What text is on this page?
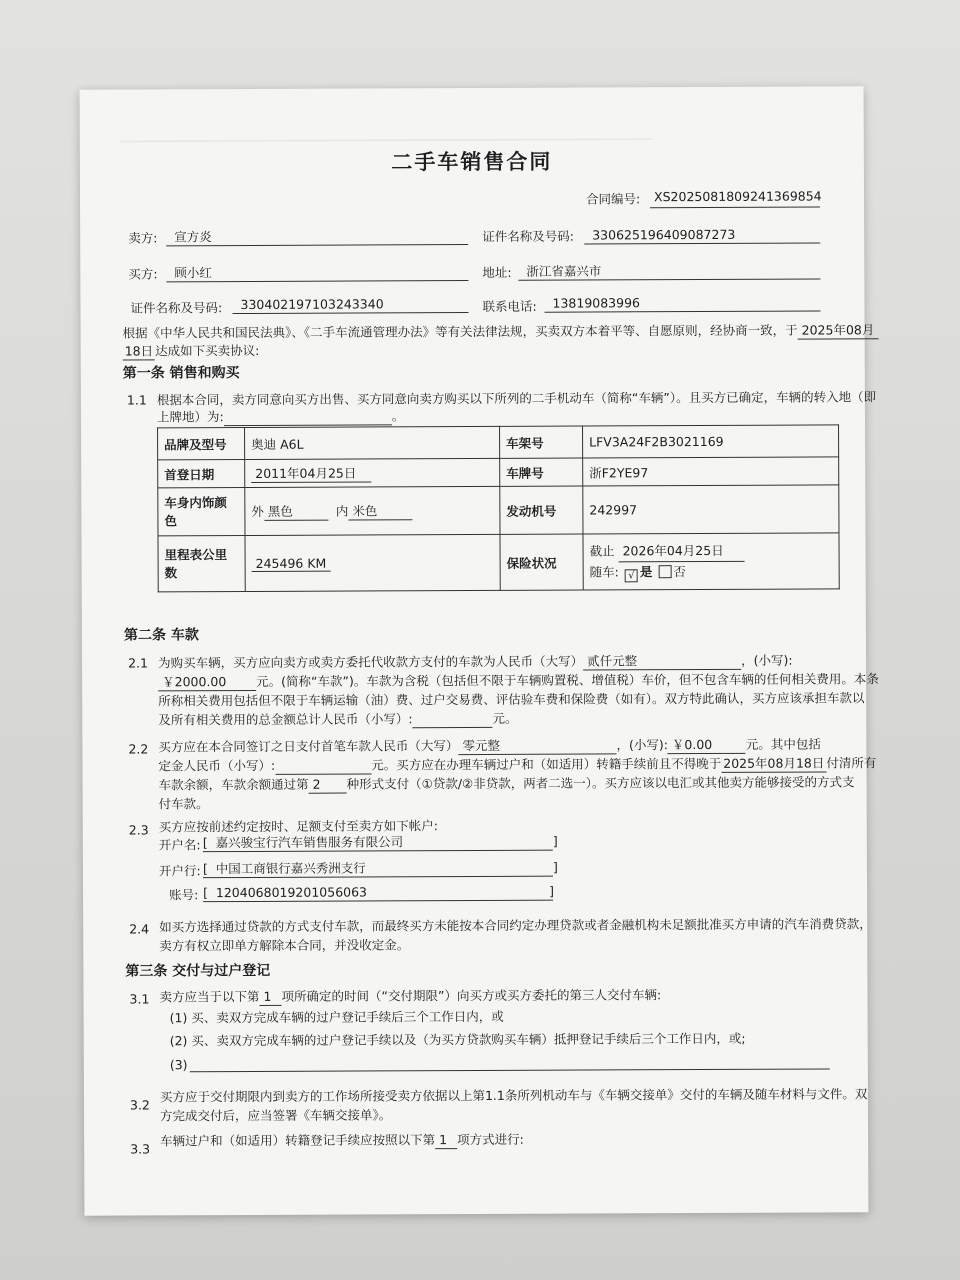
▁▁▁▁▁▁▁▁▁▁▁▁▁▁▁▁▁▁▁▁▁▁▁▁▁▁▁▁▁▁▁▁▁▁▁▁▁▁▁▁▁▁▁▁▁▁▁▁▁▁▁▁▁▁▁▁▁▁▁▁▁▁▁
二手车销售合同
合同编号: XS2025081809241369854
卖方: 宣方炎	证件名称及号码: 330625196409087273
买方: 顾小红	地址: 浙江省嘉兴市
证件名称及号码: 330402197103243340	联系电话: 13819083996
根据《中华人民共和国民法典》、《二手车流通管理办法》等有关法律法规，买卖双方本着平等、自愿原则，经协商一致，于 2025年08月
18日 达成如下买卖协议:
第一条 销售和购买
1.1 根据本合同，卖方同意向买方出售、买方同意向卖方购买以下所列的二手机动车（简称“车辆”）。且买方已确定，车辆的转入地（即
上牌地）为:	。
品牌及型号	奥迪 A6L	车架号	LFV3A24F2B3021169
首登日期	2011年04月25日	车牌号	浙F2YE97
车身内饰颜色	外 黑色 内 米色	发动机号	242997
里程表公里数	245496 KM	保险状况	截止 2026年04月25日
随车: √ 是 否
第二条 车款
2.1 为购买车辆，买方应向卖方或卖方委托代收款方支付的车款为人民币（大写） 贰仟元整	，(小写):
￥2000.00 元。(简称“车款”)。车款为含税（包括但不限于车辆购置税、增值税）车价，但不包含车辆的任何相关费用。本条
所称相关费用包括但不限于车辆运输（油）费、过户交易费、评估验车费和保险费（如有）。双方特此确认，买方应该承担车款以
及所有相关费用的总金额总计人民币（小写）:	元。
2.2 买方应在本合同签订之日支付首笔车款人民币（大写） 零元整	，(小写): ￥0.00	元。其中包括
定金人民币（小写）:	元。买方应在办理车辆过户和（如适用）转籍手续前且不得晚于 2025年08月18日 付清所有
车款余额，车款余额通过第 2 种形式支付（①贷款/②非贷款，两者二选一）。买方应该以电汇或其他卖方能够接受的方式支
付车款。
2.3 买方应按前述约定按时、足额支付至卖方如下帐户:
开户名: [  嘉兴骏宝行汽车销售服务有限公司	]
开户行: [  中国工商银行嘉兴秀洲支行	]
账号: [  1204068019201056063	]
2.4 如买方选择通过贷款的方式支付车款，而最终买方未能按本合同约定办理贷款或者金融机构未足额批准买方申请的汽车消费贷款，
卖方有权立即单方解除本合同，并没收定金。
第三条 交付与过户登记
3.1 卖方应当于以下第 1 项所确定的时间（“交付期限”）向买方或买方委托的第三人交付车辆:
(1) 买、卖双方完成车辆的过户登记手续后三个工作日内，或
(2) 买、卖双方完成车辆的过户登记手续以及（为买方贷款购买车辆）抵押登记手续后三个工作日内，或;
(3)
3.2
买方应于交付期限内到卖方的工作场所接受卖方依据以上第1.1条所列机动车与《车辆交接单》交付的车辆及随车材料与文件。双
方完成交付后，应当签署《车辆交接单》。
3.3
车辆过户和（如适用）转籍登记手续应按照以下第 1 项方式进行:
